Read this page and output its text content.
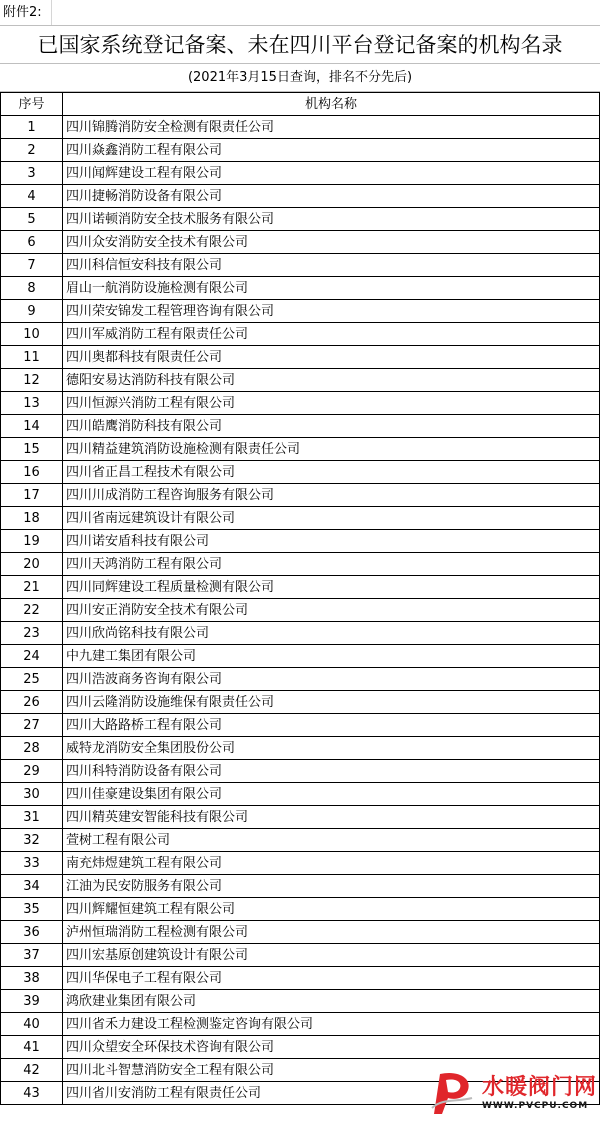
附件2:
已国家系统登记备案、未在四川平台登记备案的机构名录
(2021年3月15日查询，排名不分先后)
序号	机构名称
1	四川锦腾消防安全检测有限责任公司
2	四川焱鑫消防工程有限公司
3	四川闻辉建设工程有限公司
4	四川捷畅消防设备有限公司
5	四川诺顿消防安全技术服务有限公司
6	四川众安消防安全技术有限公司
7	四川科信恒安科技有限公司
8	眉山一航消防设施检测有限公司
9	四川荣安锦发工程管理咨询有限公司
10	四川军威消防工程有限责任公司
11	四川奥都科技有限责任公司
12	德阳安易达消防科技有限公司
13	四川恒源兴消防工程有限公司
14	四川皓鹰消防科技有限公司
15	四川精益建筑消防设施检测有限责任公司
16	四川省正昌工程技术有限公司
17	四川川成消防工程咨询服务有限公司
18	四川省南远建筑设计有限公司
19	四川诺安盾科技有限公司
20	四川天鸿消防工程有限公司
21	四川同辉建设工程质量检测有限公司
22	四川安正消防安全技术有限公司
23	四川欣尚铭科技有限公司
24	中九建工集团有限公司
25	四川浩波商务咨询有限公司
26	四川云隆消防设施维保有限责任公司
27	四川大路路桥工程有限公司
28	威特龙消防安全集团股份公司
29	四川科特消防设备有限公司
30	四川佳豪建设集团有限公司
31	四川精英建安智能科技有限公司
32	萱树工程有限公司
33	南充炜煜建筑工程有限公司
34	江油为民安防服务有限公司
35	四川辉耀恒建筑工程有限公司
36	泸州恒瑞消防工程检测有限公司
37	四川宏基原创建筑设计有限公司
38	四川华保电子工程有限公司
39	鸿欣建业集团有限公司
40	四川省禾力建设工程检测鉴定咨询有限公司
41	四川众望安全环保技术咨询有限公司
42	四川北斗智慧消防安全工程有限公司
43	四川省川安消防工程有限责任公司	水暖阀门网
WWW.PVCPU.COM
